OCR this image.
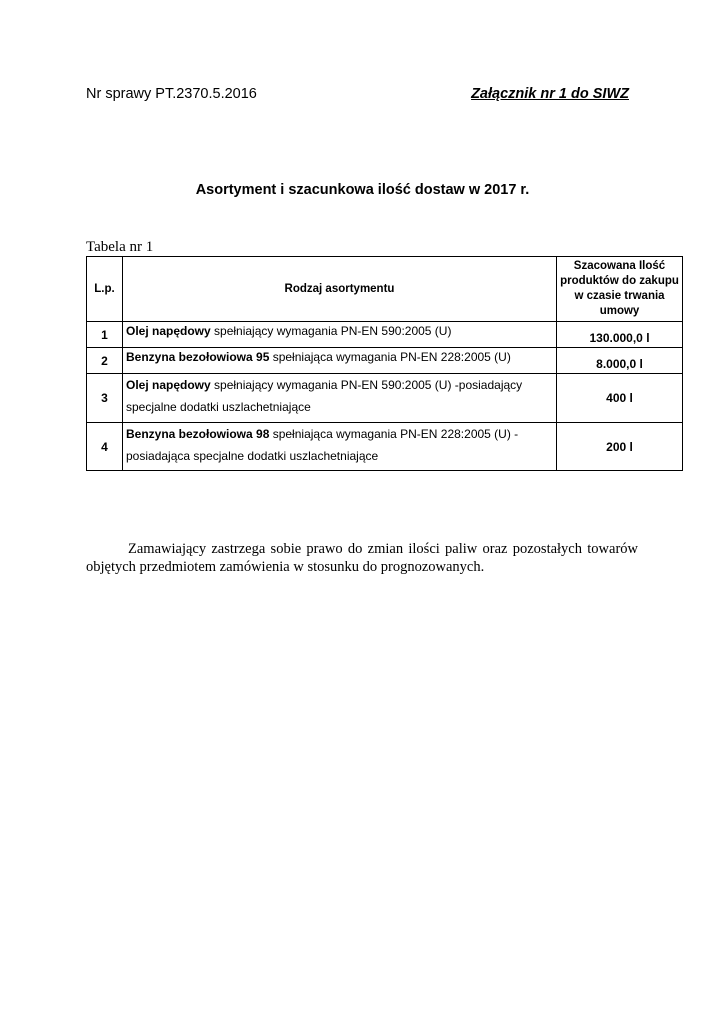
Nr sprawy PT.2370.5.2016	Załącznik nr 1 do SIWZ
Asortyment i szacunkowa ilość dostaw w 2017 r.
Tabela nr 1
L.p.	Rodzaj asortymentu	Szacowana Ilość produktów do zakupu w czasie trwania umowy
1	Olej napędowy spełniający wymagania PN-EN 590:2005 (U)	130.000,0 l
2	Benzyna bezołowiowa 95 spełniająca wymagania PN-EN 228:2005 (U)	8.000,0 l
3	Olej napędowy spełniający wymagania PN-EN 590:2005 (U) -posiadający specjalne dodatki uszlachetniające	400 l
4	Benzyna bezołowiowa 98 spełniająca wymagania PN-EN 228:2005 (U) - posiadająca specjalne dodatki uszlachetniające	200 l
Zamawiający zastrzega sobie prawo do zmian ilości paliw oraz pozostałych towarów objętych przedmiotem zamówienia w stosunku do prognozowanych.
